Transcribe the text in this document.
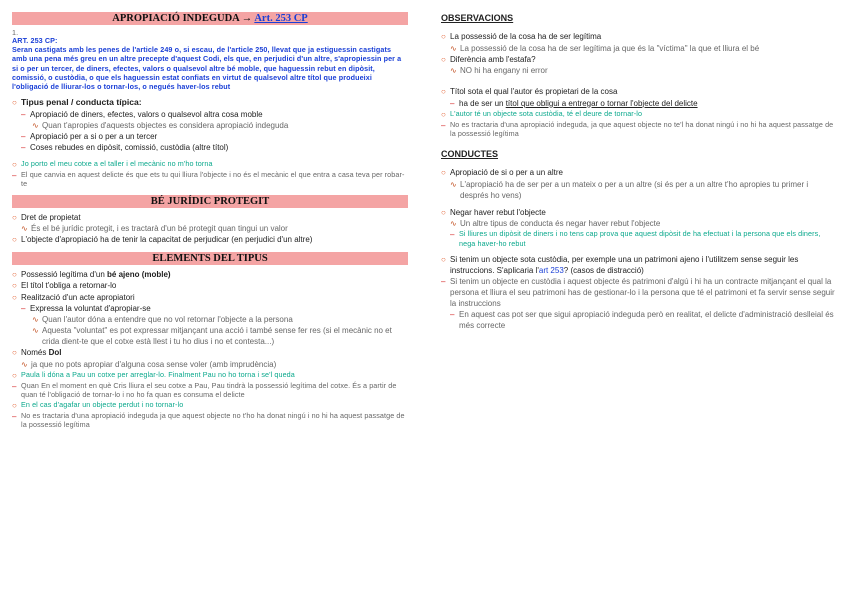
APROPIACIÓ INDEGUDA → Art. 253 CP
1.
ART. 253 CP:
Seran castigats amb les penes de l'article 249 o, si escau, de l'article 250, llevat que ja estiguessin castigats amb una pena més greu en un altre precepte d'aquest Codi, els que, en perjudici d'un altre, s'apropiessin per a si o per un tercer, de diners, efectes, valors o qualsevol altre bé moble, que haguessin rebut en dipòsit, comissió, o custòdia, o que els haguessin estat confiats en virtut de qualsevol altre títol que produeixi l'obligació de lliurar-los o tornar-los, o negués haver-los rebut
○ Tipus penal / conducta típica:
– Apropiació de diners, efectes, valors o qualsevol altra cosa moble
∿ Quan t'apropies d'aquests objectes es considera apropiació indeguda
– Apropiació per a si o per a un tercer
– Coses rebudes en dipòsit, comissió, custòdia (altre títol)
○ Jo porto el meu cotxe a el taller i el mecànic no m'ho torna
– El que canvia en aquest delicte és que ets tu qui lliura l'objecte i no és el mecànic el que entra a casa teva per robar-te
BÉ JURÍDIC PROTEGIT
○ Dret de propietat
∿ És el bé jurídic protegit, i es tractarà d'un bé protegit quan tingui un valor
○ L'objecte d'apropiació ha de tenir la capacitat de perjudicar (en perjudici d'un altre)
ELEMENTS DEL TIPUS
○ Possessió legítima d'un bé ajeno (moble)
○ El títol t'obliga a retornar-lo
○ Realització d'un acte apropiatori
– Expressa la voluntat d'apropiar-se
∿ Quan l'autor dóna a entendre que no vol retornar l'objecte a la persona
∿ Aquesta "voluntat" es pot expressar mitjançant una acció i també sense fer res (si el mecànic no et crida dient-te que el cotxe està llest i tu ho dius i no et contesta...)
○ Només Dol
∿ ja que no pots apropiar d'alguna cosa sense voler (amb imprudència)
○ Paula li dóna a Pau un cotxe per arreglar-lo. Finalment Pau no ho torna i se'l queda
– Quan En el moment en què Cris lliura el seu cotxe a Pau, Pau tindrà la possessió legítima del cotxe. És a partir de quan té l'obligació de tornar-lo i no ho fa quan es consuma el delicte
○ En el cas d'agafar un objecte perdut i no tornar-lo
– No es tractaria d'una apropiació indeguda ja que aquest objecte no t'ho ha donat ningú i no hi ha aquest passatge de la possessió legítima
OBSERVACIONS
○ La possessió de la cosa ha de ser legítima
∿ La possessió de la cosa ha de ser legítima ja que és la "víctima" la que et lliura el bé
○ Diferència amb l'estafa?
∿ NO hi ha engany ni error
○ Títol sota el qual l'autor és propietari de la cosa
– ha de ser un títol que obligui a entregar o tornar l'objecte del delicte
○ L'autor té un objecte sota custòdia, té el deure de tornar-lo
– No es tractaria d'una apropiació indeguda, ja que aquest objecte no te'l ha donat ningú i no hi ha aquest passatge de la possessió legítima
CONDUCTES
○ Apropiació de si o per a un altre
∿ L'apropiació ha de ser per a un mateix o per a un altre (si és per a un altre t'ho apropies tu primer i després ho vens)
○ Negar haver rebut l'objecte
∿ Un altre tipus de conducta és negar haver rebut l'objecte
– Si lliures un dipòsit de diners i no tens cap prova que aquest dipòsit de ha efectuat i la persona que els diners, nega haver-ho rebut
○ Si tenim un objecte sota custòdia, per exemple una un patrimoni ajeno i l'utilitzem sense seguir les instruccions. S'aplicaria l'art 253? (casos de distracció)
– Si tenim un objecte en custòdia i aquest objecte és patrimoni d'algú i hi ha un contracte mitjançant el qual la persona et lliura el seu patrimoni has de gestionar-lo i la persona que té el patrimoni et fa servir sense seguir la instruccions
– En aquest cas pot ser que sigui apropiació indeguda però en realitat, el delicte d'administració deslleial és més correcte
